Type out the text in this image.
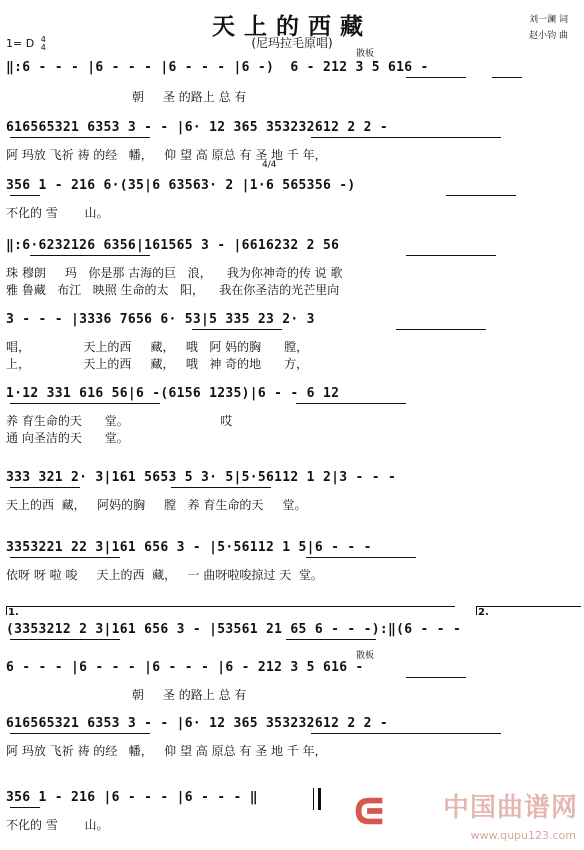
天上的西藏
(尼玛拉毛原唱)
刘一澜 词
赵小钧 曲
1= D 4
4
散板
4/4
‖:6 - - - |6 - - - |6 - - - |6 -)  6 - 212 3 5 616 -
朝     圣 的路上 总 有
616565321 6353 3 - - |6· 12 365 353232612 2 2 -
阿 玛放 飞祈 祷 的经   幡，   仰 望 高 原总 有 圣 地 千 年，
356 1 - 216 6·(35|6 63563· 2 |1·6 565356 -)
不化的 雪       山。
‖:6·6232126 6356|161565 3 - |6616232 2 56
珠 穆朗     玛   你是那 古海的巨   浪，    我为你神奇的传 说 歌
雅 鲁藏   布江   映照 生命的太   阳，    我在你圣洁的光芒里向
3 - - - |3336 7656 6· 53|5 335 23 2· 3
唱，              天上的西     藏，   哦   阿 妈的胸      膛，
上，              天上的西     藏，   哦   神 奇的地      方，
1·12 331 616 56|6 -(6156 1235)|6 - - 6 12
养 育生命的天      堂。                        哎
通 向圣洁的天      堂。
333 321 2· 3|161 5653 5 3· 5|5·56112 1 2|3 - - -
天上的西  藏，   阿妈的胸     膛   养 育生命的天     堂。
3353221 22 3|161 656 3 - |5·56112 1 5|6 - - -
依呀 呀 啦 唆     天上的西  藏，   一 曲呀啦唆掠过 天  堂。
1.	2.
(3353212 2 3|161 656 3 - |53561 21 65 6 - - -):‖(6 - - -
6 - - - |6 - - - |6 - - - |6 - 212 3 5 616 -
朝     圣 的路上 总 有
散板
616565321 6353 3 - - |6· 12 365 353232612 2 2 -
阿 玛放 飞祈 祷 的经   幡，   仰 望 高 原总 有 圣 地 千 年，
356 1 - 216 |6 - - - |6 - - - ‖
不化的 雪       山。
中国曲谱网
www.qupu123.com
